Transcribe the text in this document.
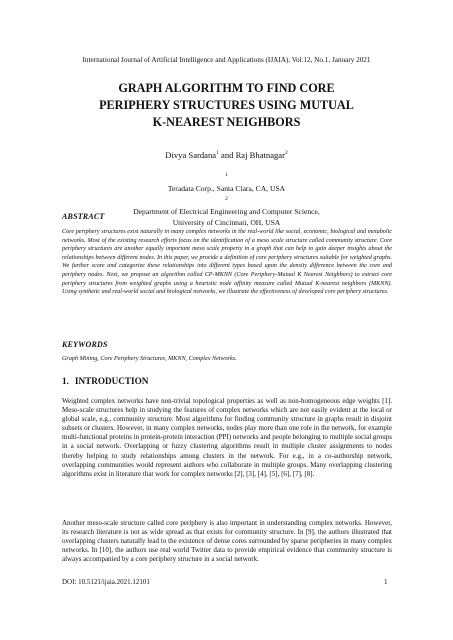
International Journal of Artificial Intelligence and Applications (IJAIA), Vol.12, No.1, January 2021
GRAPH ALGORITHM TO FIND CORE
PERIPHERY STRUCTURES USING MUTUAL
K-NEAREST NEIGHBORS
Divya Sardana$^1$ and Raj Bhatnagar$^2$
$^1$
Teradata Corp., Santa Clara, CA, USA
$^2$
Department of Electrical Engineering and Computer Science,
University of Cincinnati, OH, USA
ABSTRACT
Core periphery structures exist naturally in many complex networks in the real-world like social, economic, biological and metabolic networks. Most of the existing research efforts focus on the identification of a meso scale structure called community structure. Core periphery structures are another equally important meso scale property in a graph that can help to gain deeper insights about the relationships between different nodes. In this paper, we provide a definition of core periphery structures suitable for weighted graphs. We further score and categorize these relationships into different types based upon the density difference between the core and periphery nodes. Next, we propose an algorithm called CP-MKNN (Core Periphery-Mutual K Nearest Neighbors) to extract core periphery structures from weighted graphs using a heuristic node affinity measure called Mutual K-nearest neighbors (MKNN). Using synthetic and real-world social and biological networks, we illustrate the effectiveness of developed core periphery structures.
KEYWORDS
Graph Mining, Core Periphery Structures, MKNN, Complex Networks.
1. INTRODUCTION
Weighted complex networks have non-trivial topological properties as well as non-homogeneous edge weights [1]. Meso-scale structures help in studying the features of complex networks which are not easily evident at the local or global scale, e.g., community structure. Most algorithms for finding community structure in graphs result in disjoint subsets or clusters. However, in many complex networks, nodes play more than one role in the network, for example multi-functional proteins in protein-protein interaction (PPI) networks and people belonging to multiple social groups in a social network. Overlapping or fuzzy clustering algorithms result in multiple cluster assignments to nodes thereby helping to study relationships among clusters in the network. For e.g., in a co-authorship network, overlapping communities would represent authors who collaborate in multiple groups. Many overlapping clustering algorithms exist in literature that work for complex networks [2], [3], [4], [5], [6], [7], [8].
Another meso-scale structure called core periphery is also important in understanding complex networks. However, its research literature is not as wide spread as that exists for community structure. In [9], the authors illustrated that overlapping clusters naturally lead to the existence of dense cores surrounded by sparse peripheries in many complex networks. In [10], the authors use real world Twitter data to provide empirical evidence that community structure is always accompanied by a core periphery structure in a social network.
DOI: 10.5121/ijaia.2021.12101	1
